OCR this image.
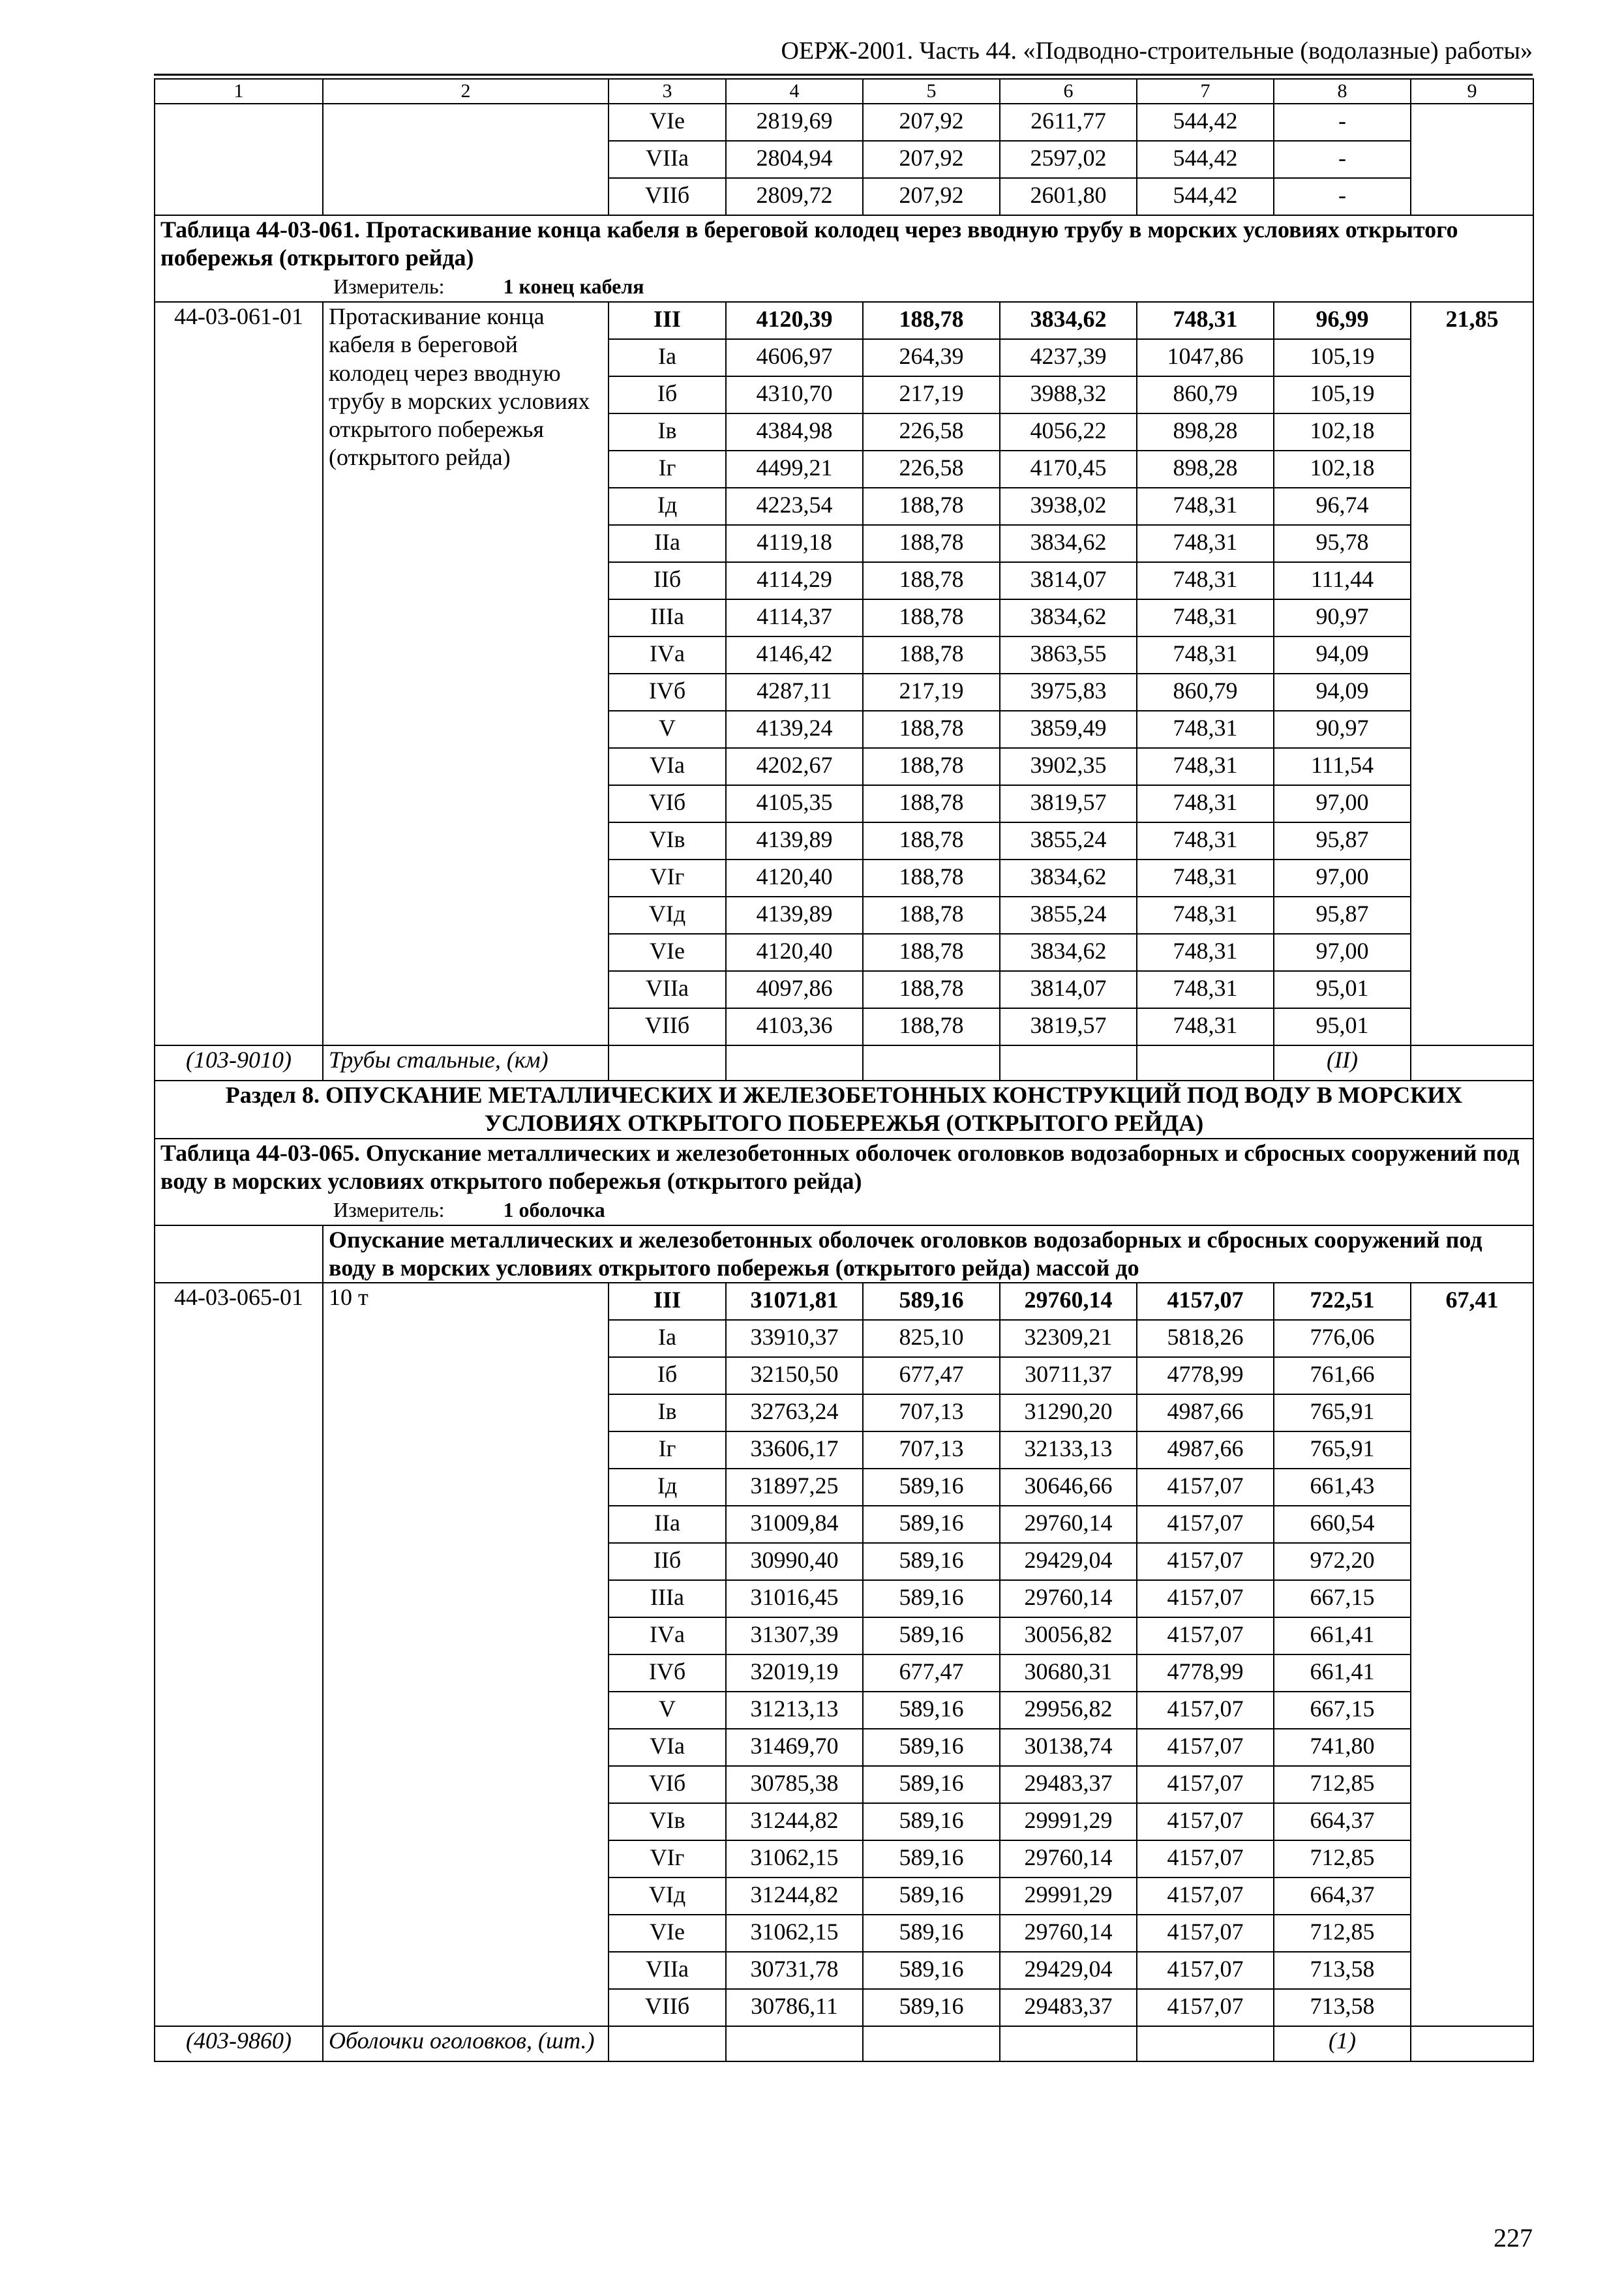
ОЕРЖ-2001. Часть 44. «Подводно-строительные (водолазные) работы»
1	2	3	4	5	6	7	8	9
		VIе	2819,69	207,92	2611,77	544,42	-	
		VIIа	2804,94	207,92	2597,02	544,42	-	
		VIIб	2809,72	207,92	2601,80	544,42	-	

Таблица 44-03-061. Протаскивание конца кабеля в береговой колодец через вводную трубу в морских условиях открытого побережья (открытого рейда)
Измеритель: 1 конец кабеля								

44-03-061-01	Протаскивание конца кабеля в береговой колодец через вводную трубу в морских условиях открытого побережья (открытого рейда)	III	4120,39	188,78	3834,62	748,31	96,99	21,85
		Iа	4606,97	264,39	4237,39	1047,86	105,19	
		Iб	4310,70	217,19	3988,32	860,79	105,19	
		Iв	4384,98	226,58	4056,22	898,28	102,18	
		Iг	4499,21	226,58	4170,45	898,28	102,18	
		Iд	4223,54	188,78	3938,02	748,31	96,74	
		IIа	4119,18	188,78	3834,62	748,31	95,78	
		IIб	4114,29	188,78	3814,07	748,31	111,44	
		IIIа	4114,37	188,78	3834,62	748,31	90,97	
		IVа	4146,42	188,78	3863,55	748,31	94,09	
		IVб	4287,11	217,19	3975,83	860,79	94,09	
		V	4139,24	188,78	3859,49	748,31	90,97	
		VIа	4202,67	188,78	3902,35	748,31	111,54	
		VIб	4105,35	188,78	3819,57	748,31	97,00	
		VIв	4139,89	188,78	3855,24	748,31	95,87	
		VIг	4120,40	188,78	3834,62	748,31	97,00	
		VIд	4139,89	188,78	3855,24	748,31	95,87	
		VIе	4120,40	188,78	3834,62	748,31	97,00	
		VIIа	4097,86	188,78	3814,07	748,31	95,01	
		VIIб	4103,36	188,78	3819,57	748,31	95,01	
(103-9010)	Трубы стальные, (км)						(II)	
Раздел 8. ОПУСКАНИЕ МЕТАЛЛИЧЕСКИХ И ЖЕЛЕЗОБЕТОННЫХ КОНСТРУКЦИЙ ПОД ВОДУ В МОРСКИХ УСЛОВИЯХ ОТКРЫТОГО ПОБЕРЕЖЬЯ (ОТКРЫТОГО РЕЙДА)								

Таблица 44-03-065. Опускание металлических и железобетонных оболочек оголовков водозаборных и сбросных сооружений под воду в морских условиях открытого побережья (открытого рейда)
Измеритель: 1 оболочка								

	Опускание металлических и железобетонных оболочек оголовков водозаборных и сбросных сооружений под воду в морских условиях открытого побережья (открытого рейда) массой до							
44-03-065-01	10 т	III	31071,81	589,16	29760,14	4157,07	722,51	67,41
		Iа	33910,37	825,10	32309,21	5818,26	776,06	
		Iб	32150,50	677,47	30711,37	4778,99	761,66	
		Iв	32763,24	707,13	31290,20	4987,66	765,91	
		Iг	33606,17	707,13	32133,13	4987,66	765,91	
		Iд	31897,25	589,16	30646,66	4157,07	661,43	
		IIа	31009,84	589,16	29760,14	4157,07	660,54	
		IIб	30990,40	589,16	29429,04	4157,07	972,20	
		IIIа	31016,45	589,16	29760,14	4157,07	667,15	
		IVа	31307,39	589,16	30056,82	4157,07	661,41	
		IVб	32019,19	677,47	30680,31	4778,99	661,41	
		V	31213,13	589,16	29956,82	4157,07	667,15	
		VIа	31469,70	589,16	30138,74	4157,07	741,80	
		VIб	30785,38	589,16	29483,37	4157,07	712,85	
		VIв	31244,82	589,16	29991,29	4157,07	664,37	
		VIг	31062,15	589,16	29760,14	4157,07	712,85	
		VIд	31244,82	589,16	29991,29	4157,07	664,37	
		VIе	31062,15	589,16	29760,14	4157,07	712,85	
		VIIа	30731,78	589,16	29429,04	4157,07	713,58	
		VIIб	30786,11	589,16	29483,37	4157,07	713,58	
(403-9860)	Оболочки оголовков, (шт.)						(1)	
227
